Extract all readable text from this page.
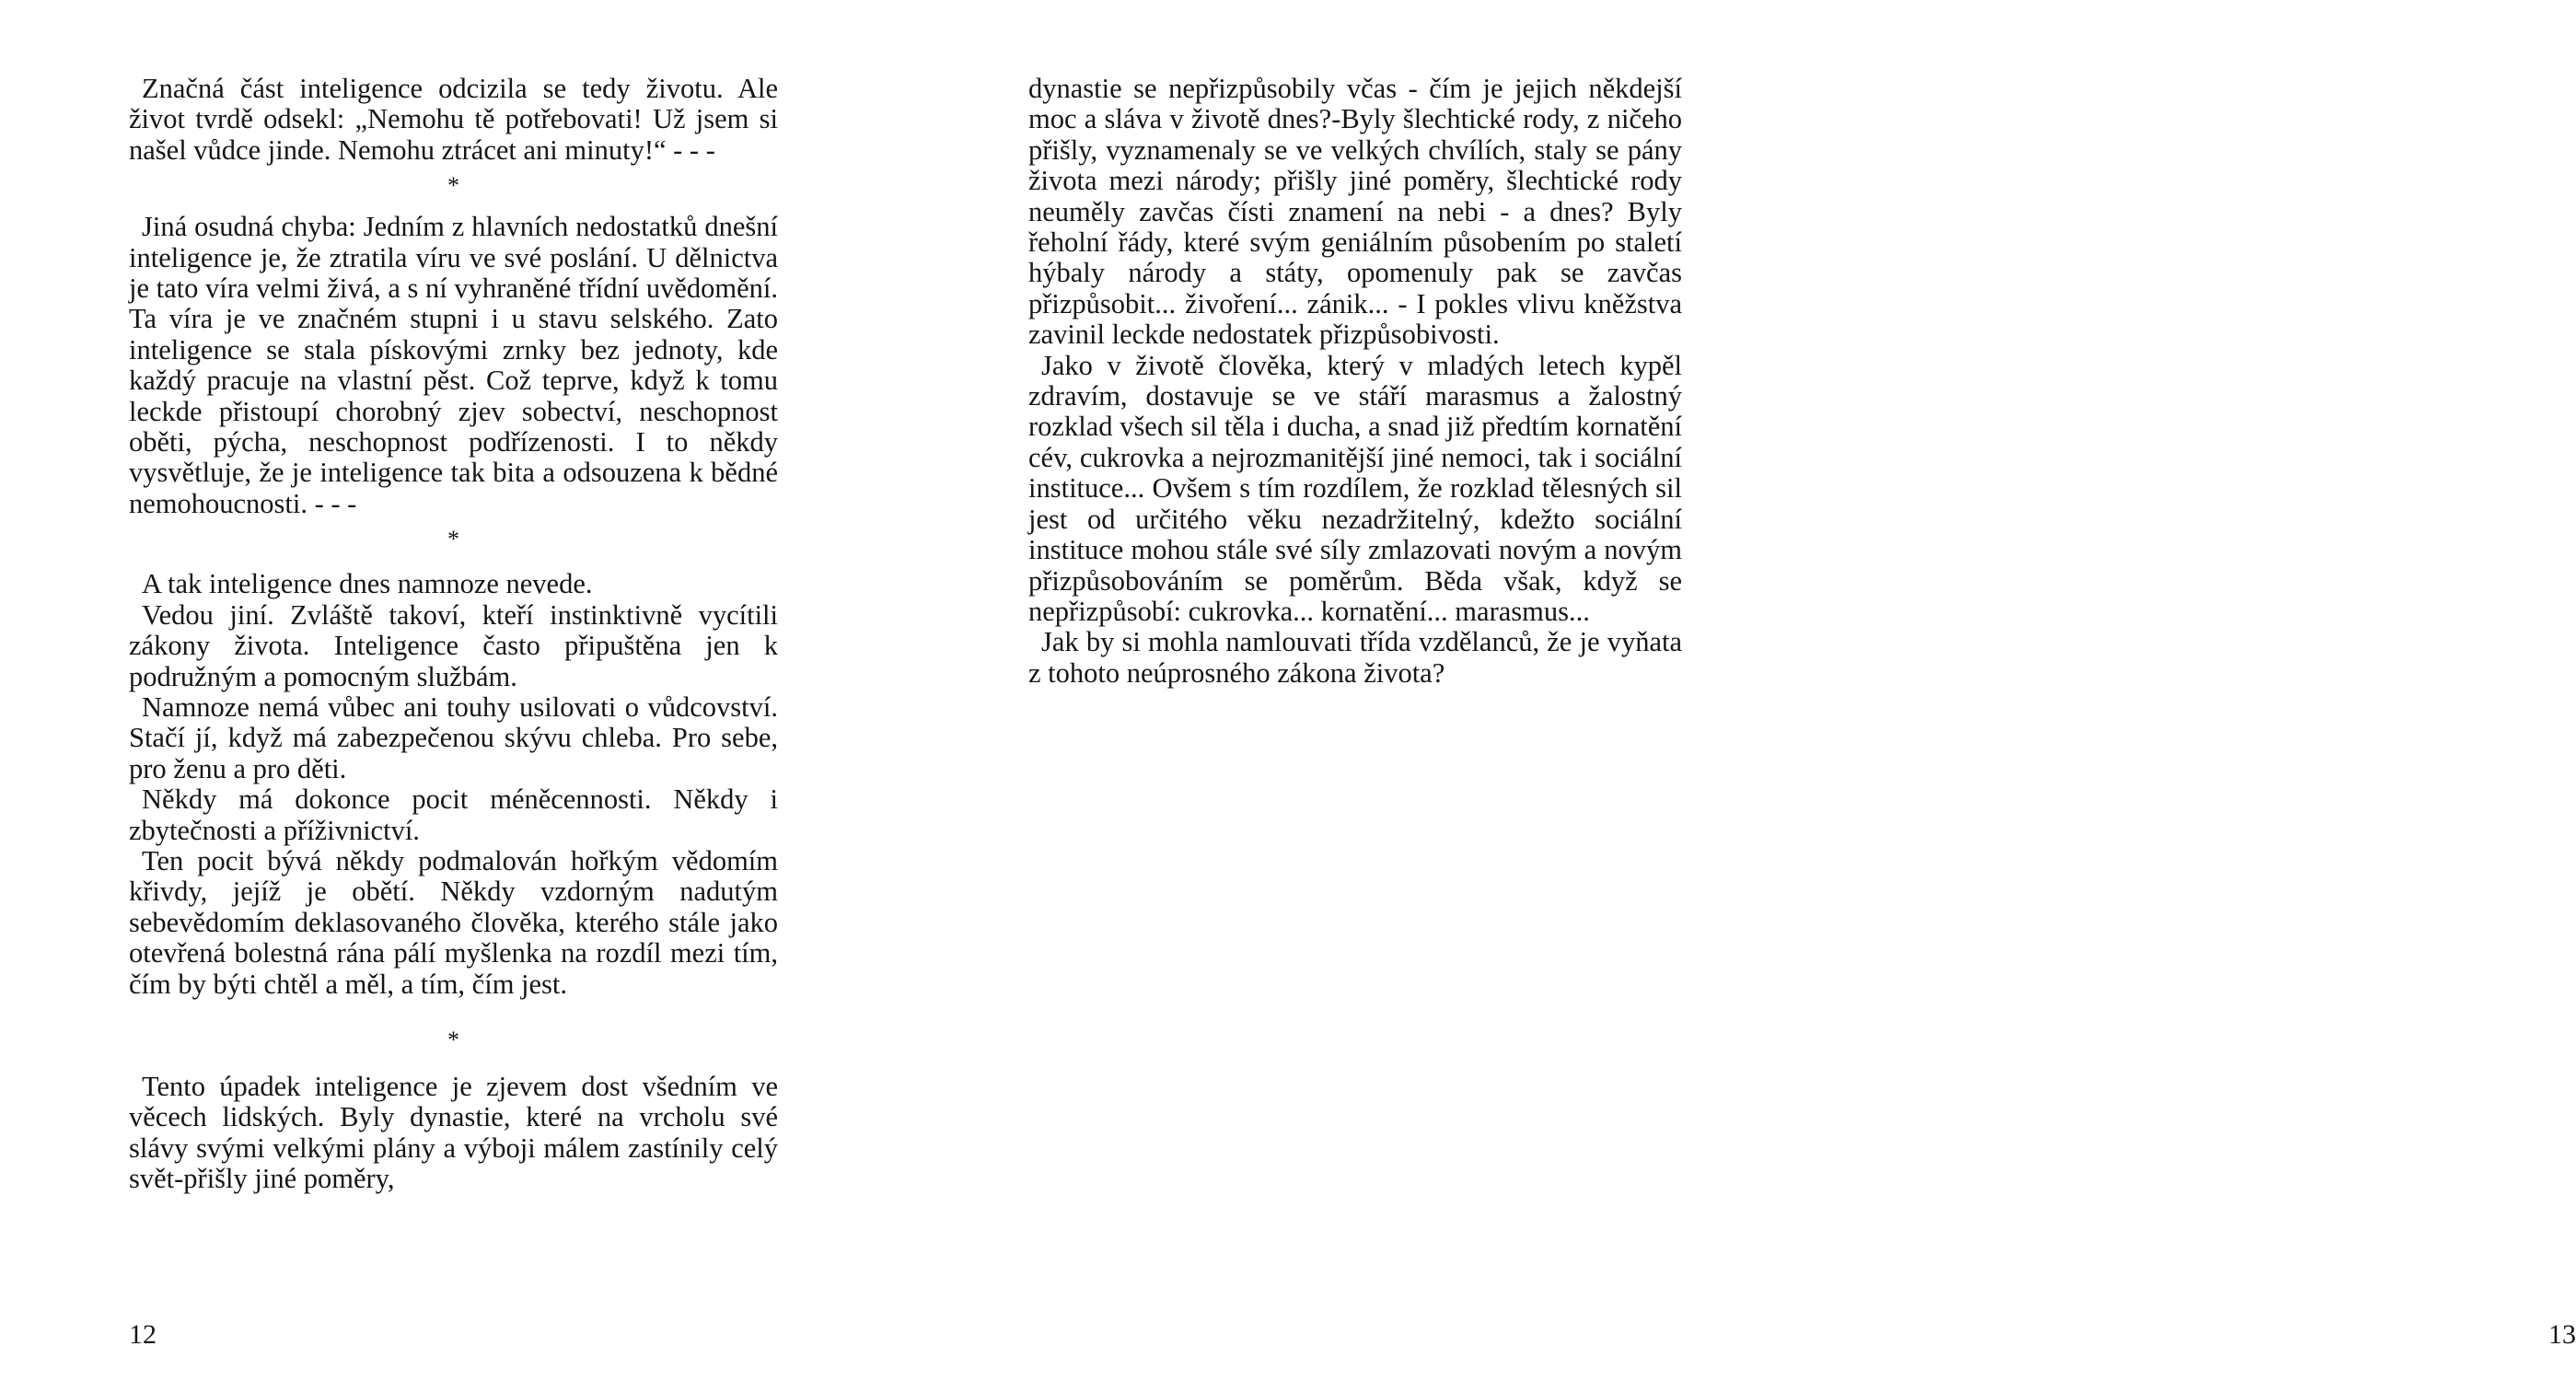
Značná část inteligence odcizila se tedy životu. Ale život tvrdě odsekl: „Nemohu tě potřebovati! Už jsem si našel vůdce jinde. Nemohu ztrácet ani minuty!“ - - -

*

Jiná osudná chyba: Jedním z hlavních nedostatků dnešní inteligence je, že ztratila víru ve své poslání. U dělnictva je tato víra velmi živá, a s ní vyhraněné třídní uvědomění. Ta víra je ve značném stupni i u stavu selského. Zato inteligence se stala pískovými zrnky bez jednoty, kde každý pracuje na vlastní pěst. Což teprve, když k tomu leckde přistoupí chorobný zjev sobectví, neschopnost oběti, pýcha, neschopnost podřízenosti. I to někdy vysvětluje, že je inteligence tak bita a odsouzena k bědné nemohoucnosti. - - -

*

A tak inteligence dnes namnoze nevede.

Vedou jiní. Zvláště takoví, kteří instinktivně vycítili zákony života. Inteligence často připuštěna jen k podružným a pomocným službám.

Namnoze nemá vůbec ani touhy usilovati o vůdcovství. Stačí jí, když má zabezpečenou skývu chleba. Pro sebe, pro ženu a pro děti.

Někdy má dokonce pocit méněcennosti. Někdy i zbytečnosti a příživnictví.

Ten pocit bývá někdy podmalován hořkým vědomím křivdy, jejíž je obětí. Někdy vzdorným nadutým sebevědomím deklasovaného člověka, kterého stále jako otevřená bolestná rána pálí myšlenka na rozdíl mezi tím, čím by býti chtěl a měl, a tím, čím jest.

*

Tento úpadek inteligence je zjevem dost všedním ve věcech lidských. Byly dynastie, které na vrcholu své slávy svými velkými plány a výboji málem zastínily celý svět-přišly jiné poměry,

12

dynastie se nepřizpůsobily včas - čím je jejich někdejší moc a sláva v životě dnes?-Byly šlechtické rody, z ničeho přišly, vyznamenaly se ve velkých chvílích, staly se pány života mezi národy; přišly jiné poměry, šlechtické rody neuměly zavčas čísti znamení na nebi - a dnes? Byly řeholní řády, které svým geniálním působením po staletí hýbaly národy a státy, opomenuly pak se zavčas přizpůsobit... živoření... zánik... - I pokles vlivu kněžstva zavinil leckde nedostatek přizpůsobivosti.

Jako v životě člověka, který v mladých letech kypěl zdravím, dostavuje se ve stáří marasmus a žalostný rozklad všech sil těla i ducha, a snad již předtím kornatění cév, cukrovka a nejrozmanitější jiné nemoci, tak i sociální instituce... Ovšem s tím rozdílem, že rozklad tělesných sil jest od určitého věku nezadržitelný, kdežto sociální instituce mohou stále své síly zmlazovati novým a novým přizpůsobováním se poměrům. Běda však, když se nepřizpůsobí: cukrovka... kornatění... marasmus...

Jak by si mohla namlouvati třída vzdělanců, že je vyňata z tohoto neúprosného zákona života?

13
